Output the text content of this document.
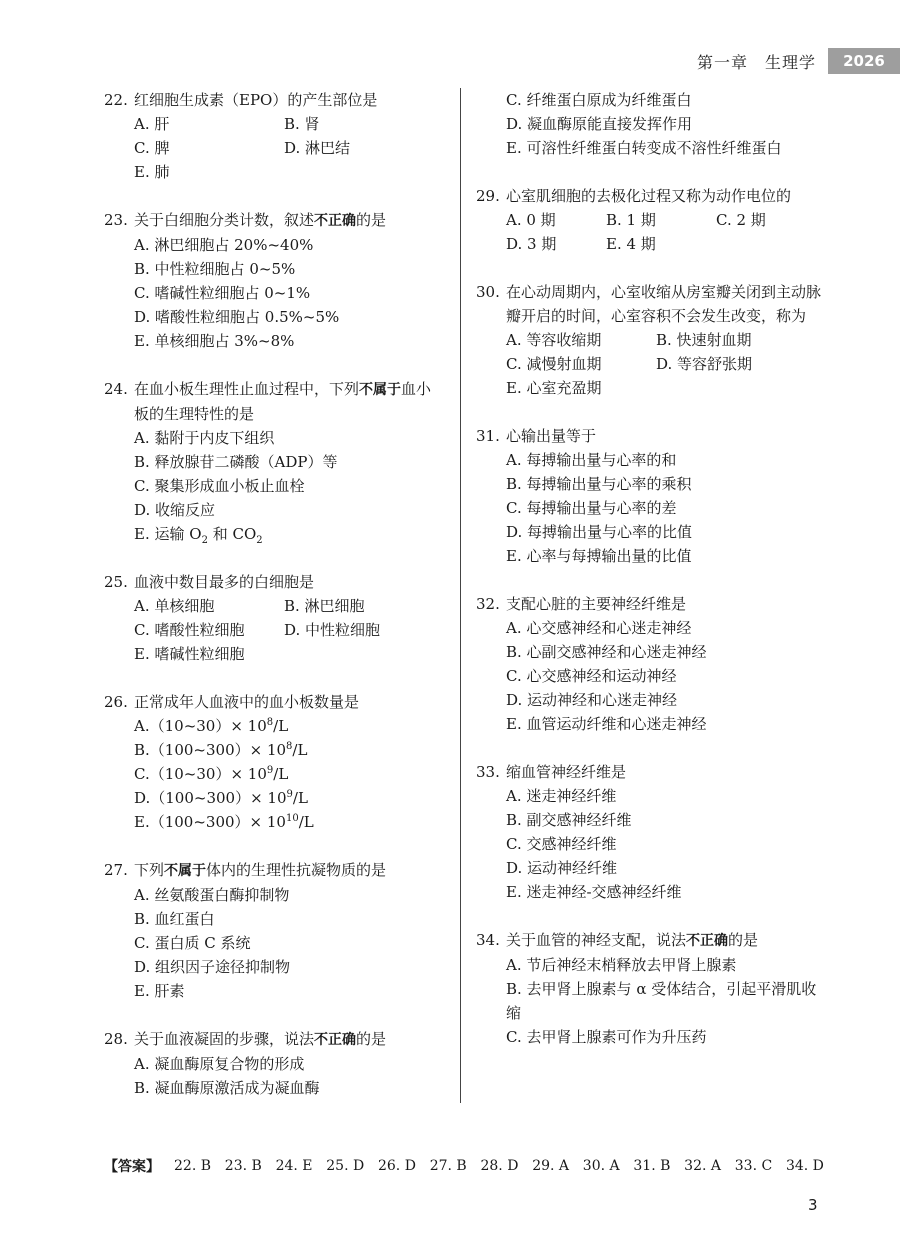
第一章　生理学	2026
22. 红细胞生成素（EPO）的产生部位是
A. 肝	B. 肾
C. 脾	D. 淋巴结
E. 肺
23. 关于白细胞分类计数，叙述不正确的是
A. 淋巴细胞占 20%~40%
B. 中性粒细胞占 0~5%
C. 嗜碱性粒细胞占 0~1%
D. 嗜酸性粒细胞占 0.5%~5%
E. 单核细胞占 3%~8%
24. 在血小板生理性止血过程中，下列不属于血小板的生理特性的是
A. 黏附于内皮下组织
B. 释放腺苷二磷酸（ADP）等
C. 聚集形成血小板止血栓
D. 收缩反应
E. 运输 $O_2$ 和 $CO_2$
25. 血液中数目最多的白细胞是
A. 单核细胞	B. 淋巴细胞
C. 嗜酸性粒细胞	D. 中性粒细胞
E. 嗜碱性粒细胞
26. 正常成年人血液中的血小板数量是
A.（10~30）× $10^8/L$
B.（100~300）× $10^8/L$
C.（10~30）× $10^9/L$
D.（100~300）× $10^9/L$
E.（100~300）× $10^{10}/L$
27. 下列不属于体内的生理性抗凝物质的是
A. 丝氨酸蛋白酶抑制物
B. 血红蛋白
C. 蛋白质 C 系统
D. 组织因子途径抑制物
E. 肝素
28. 关于血液凝固的步骤，说法不正确的是
A. 凝血酶原复合物的形成
B. 凝血酶原激活成为凝血酶
C. 纤维蛋白原成为纤维蛋白
D. 凝血酶原能直接发挥作用
E. 可溶性纤维蛋白转变成不溶性纤维蛋白
29. 心室肌细胞的去极化过程又称为动作电位的
A. 0 期	B. 1 期	C. 2 期
D. 3 期	E. 4 期
30. 在心动周期内，心室收缩从房室瓣关闭到主动脉瓣开启的时间，心室容积不会发生改变，称为
A. 等容收缩期	B. 快速射血期
C. 减慢射血期	D. 等容舒张期
E. 心室充盈期
31. 心输出量等于
A. 每搏输出量与心率的和
B. 每搏输出量与心率的乘积
C. 每搏输出量与心率的差
D. 每搏输出量与心率的比值
E. 心率与每搏输出量的比值
32. 支配心脏的主要神经纤维是
A. 心交感神经和心迷走神经
B. 心副交感神经和心迷走神经
C. 心交感神经和运动神经
D. 运动神经和心迷走神经
E. 血管运动纤维和心迷走神经
33. 缩血管神经纤维是
A. 迷走神经纤维
B. 副交感神经纤维
C. 交感神经纤维
D. 运动神经纤维
E. 迷走神经-交感神经纤维
34. 关于血管的神经支配，说法不正确的是
A. 节后神经末梢释放去甲肾上腺素
B. 去甲肾上腺素与 α 受体结合，引起平滑肌收缩
C. 去甲肾上腺素可作为升压药
【答案】 22. B 23. B 24. E 25. D 26. D 27. B 28. D 29. A 30. A 31. B 32. A 33. C 34. D
3
